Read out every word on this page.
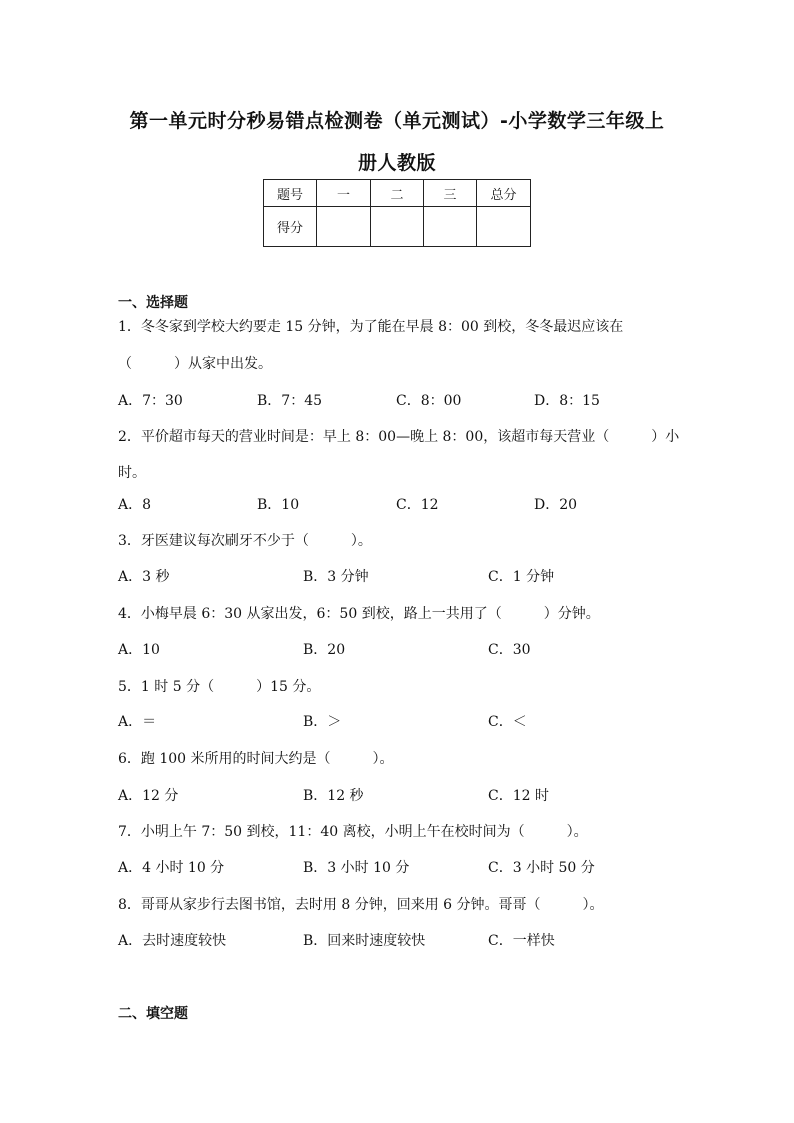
第一单元时分秒易错点检测卷（单元测试）-小学数学三年级上
册人教版
题号	一	二	三	总分
得分				
一、选择题
1．冬冬家到学校大约要走 15 分钟，为了能在早晨 8：00 到校，冬冬最迟应该在
（　　　）从家中出发。
A．7：30	B．7：45	C．8：00	D．8：15
2．平价超市每天的营业时间是：早上 8：00—晚上 8：00，该超市每天营业（　　　）小
时。
A．8	B．10	C．12	D．20
3．牙医建议每次刷牙不少于（　　　）。
A．3 秒	B．3 分钟	C．1 分钟
4．小梅早晨 6：30 从家出发，6：50 到校，路上一共用了（　　　）分钟。
A．10	B．20	C．30
5．1 时 5 分（　　　）15 分。
A．＝	B．＞	C．＜
6．跑 100 米所用的时间大约是（　　　）。
A．12 分	B．12 秒	C．12 时
7．小明上午 7：50 到校，11：40 离校，小明上午在校时间为（　　　）。
A．4 小时 10 分	B．3 小时 10 分	C．3 小时 50 分
8．哥哥从家步行去图书馆，去时用 8 分钟，回来用 6 分钟。哥哥（　　　）。
A．去时速度较快	B．回来时速度较快	C．一样快
二、填空题
